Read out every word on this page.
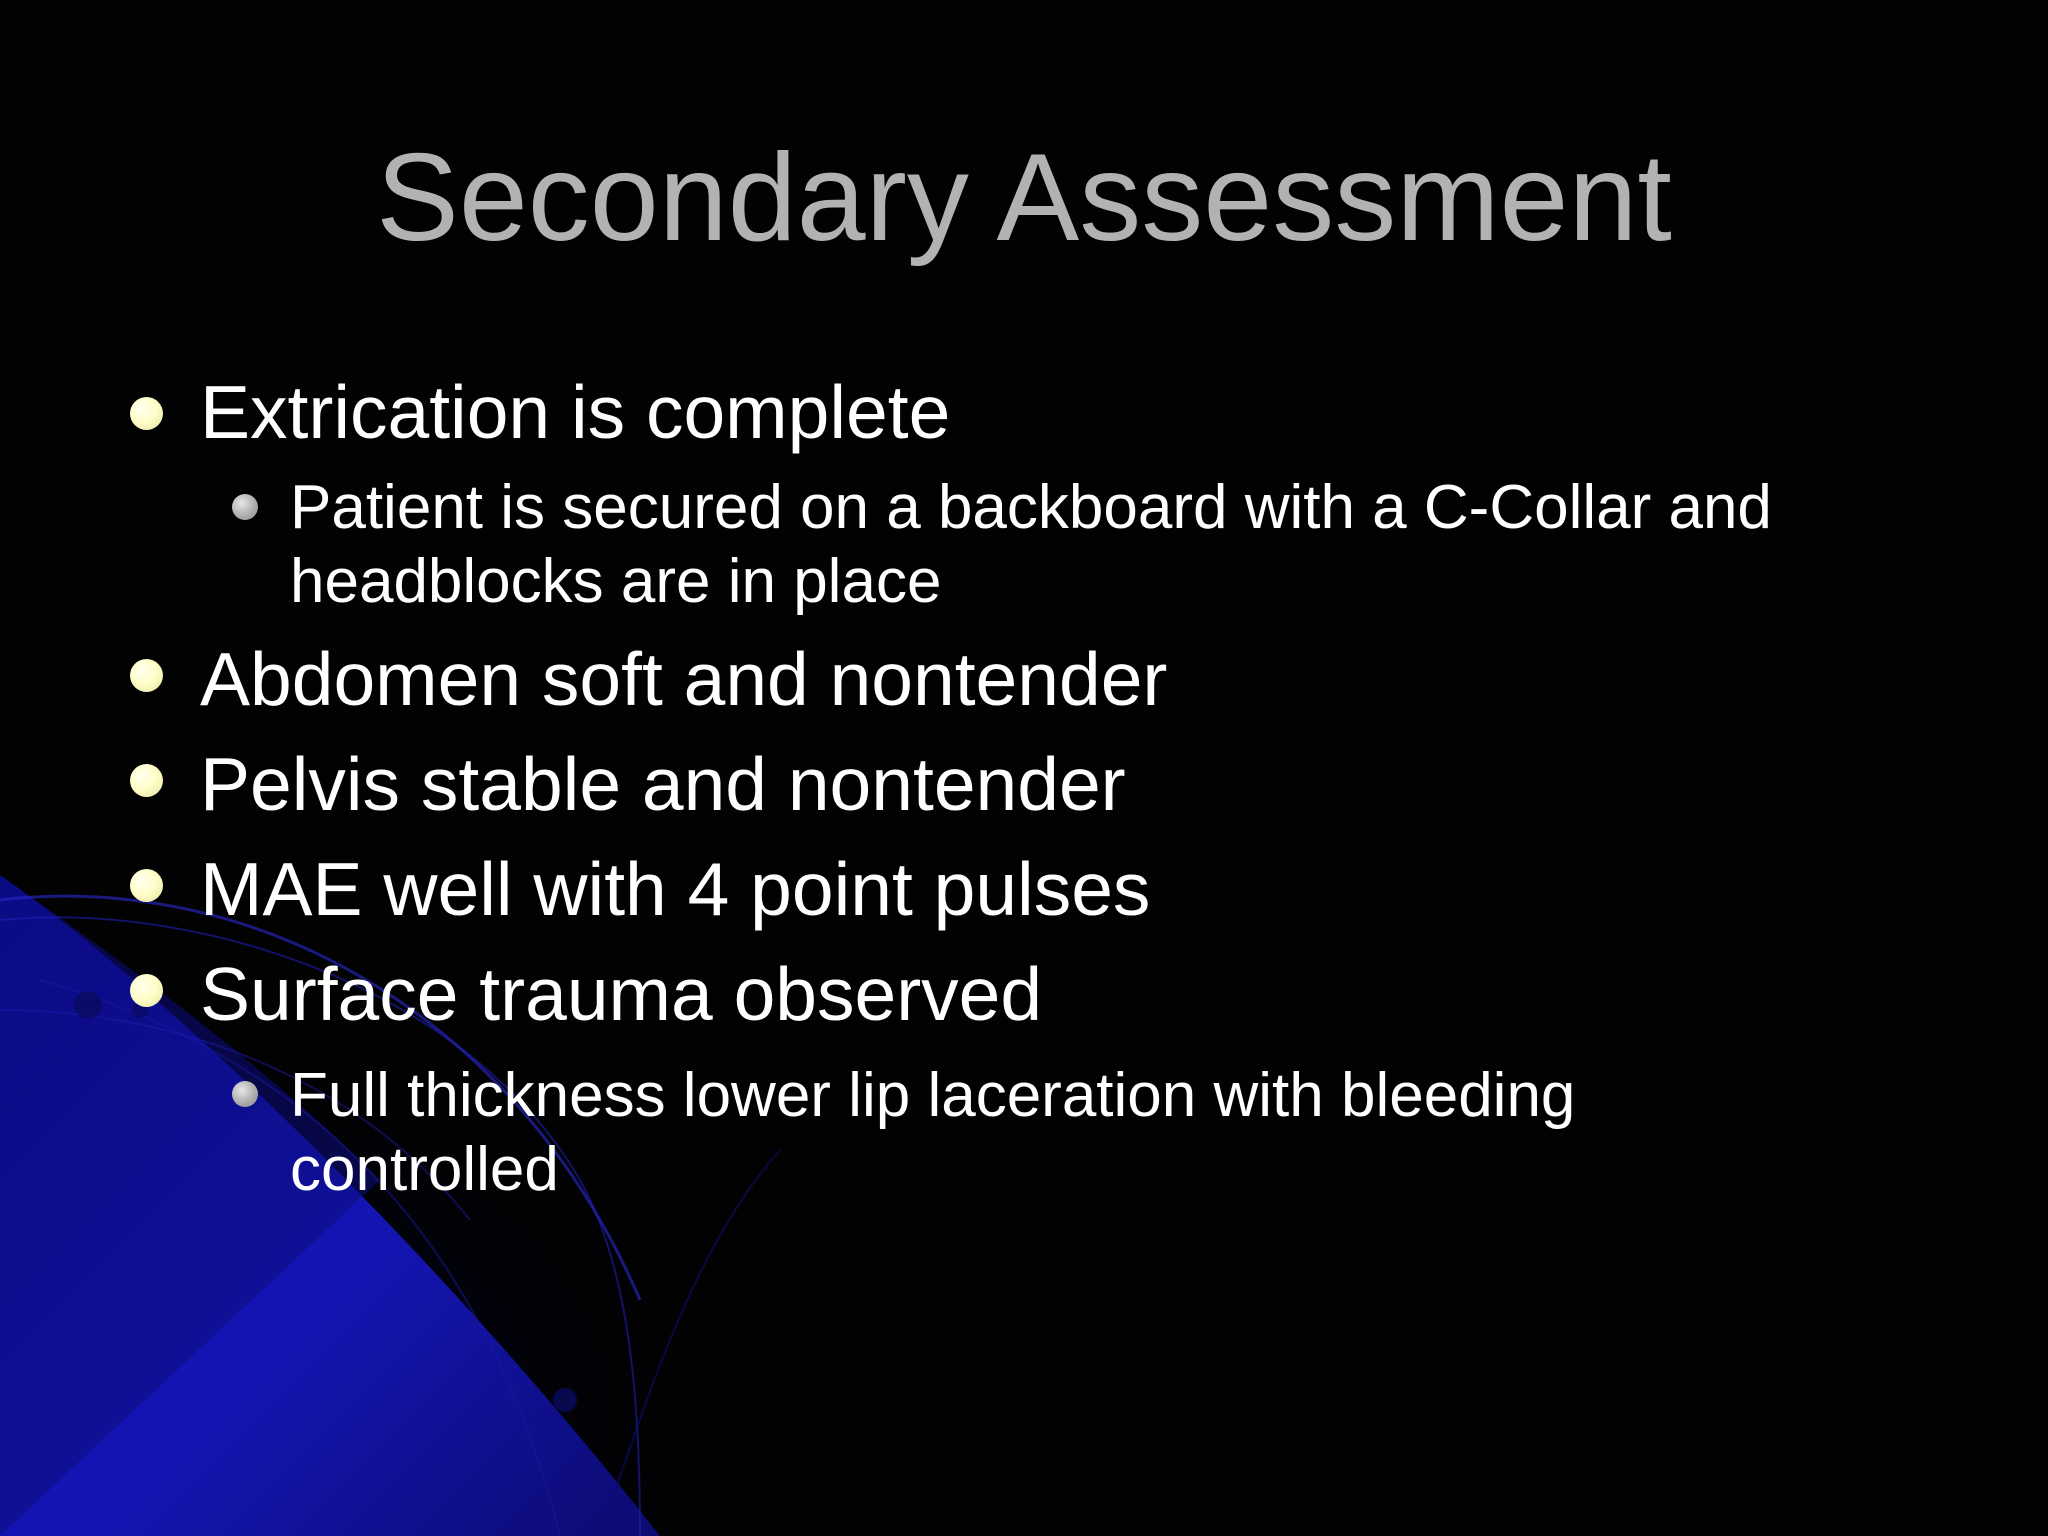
Secondary Assessment
Extrication is complete
Patient is secured on a backboard with a C-Collar and
headblocks are in place
Abdomen soft and nontender
Pelvis stable and nontender
MAE well with 4 point pulses
Surface trauma observed
Full thickness lower lip laceration with bleeding
controlled
